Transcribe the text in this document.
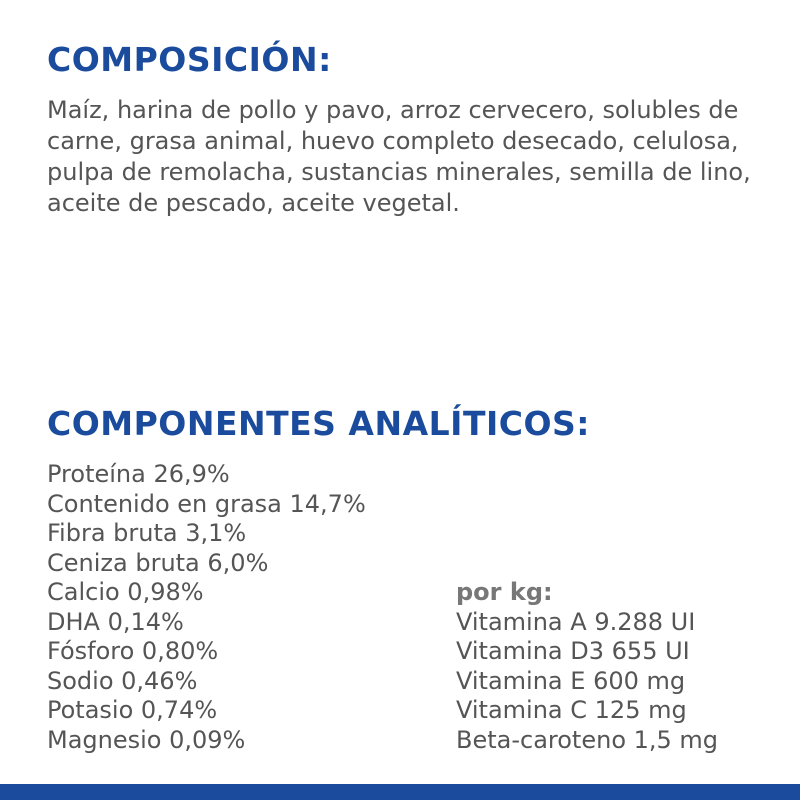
COMPOSICIÓN:

Maíz, harina de pollo y pavo, arroz cervecero, solubles de carne, grasa animal, huevo completo desecado, celulosa, pulpa de remolacha, sustancias minerales, semilla de lino, aceite de pescado, aceite vegetal.

COMPONENTES ANALÍTICOS:
Proteína 26,9%
Contenido en grasa 14,7%
Fibra bruta 3,1%
Ceniza bruta 6,0%
Calcio 0,98%
DHA 0,14%
Fósforo 0,80%
Sodio 0,46%
Potasio 0,74%
Magnesio 0,09%
por kg:
Vitamina A 9.288 UI
Vitamina D3 655 UI
Vitamina E 600 mg
Vitamina C 125 mg
Beta-caroteno 1,5 mg
